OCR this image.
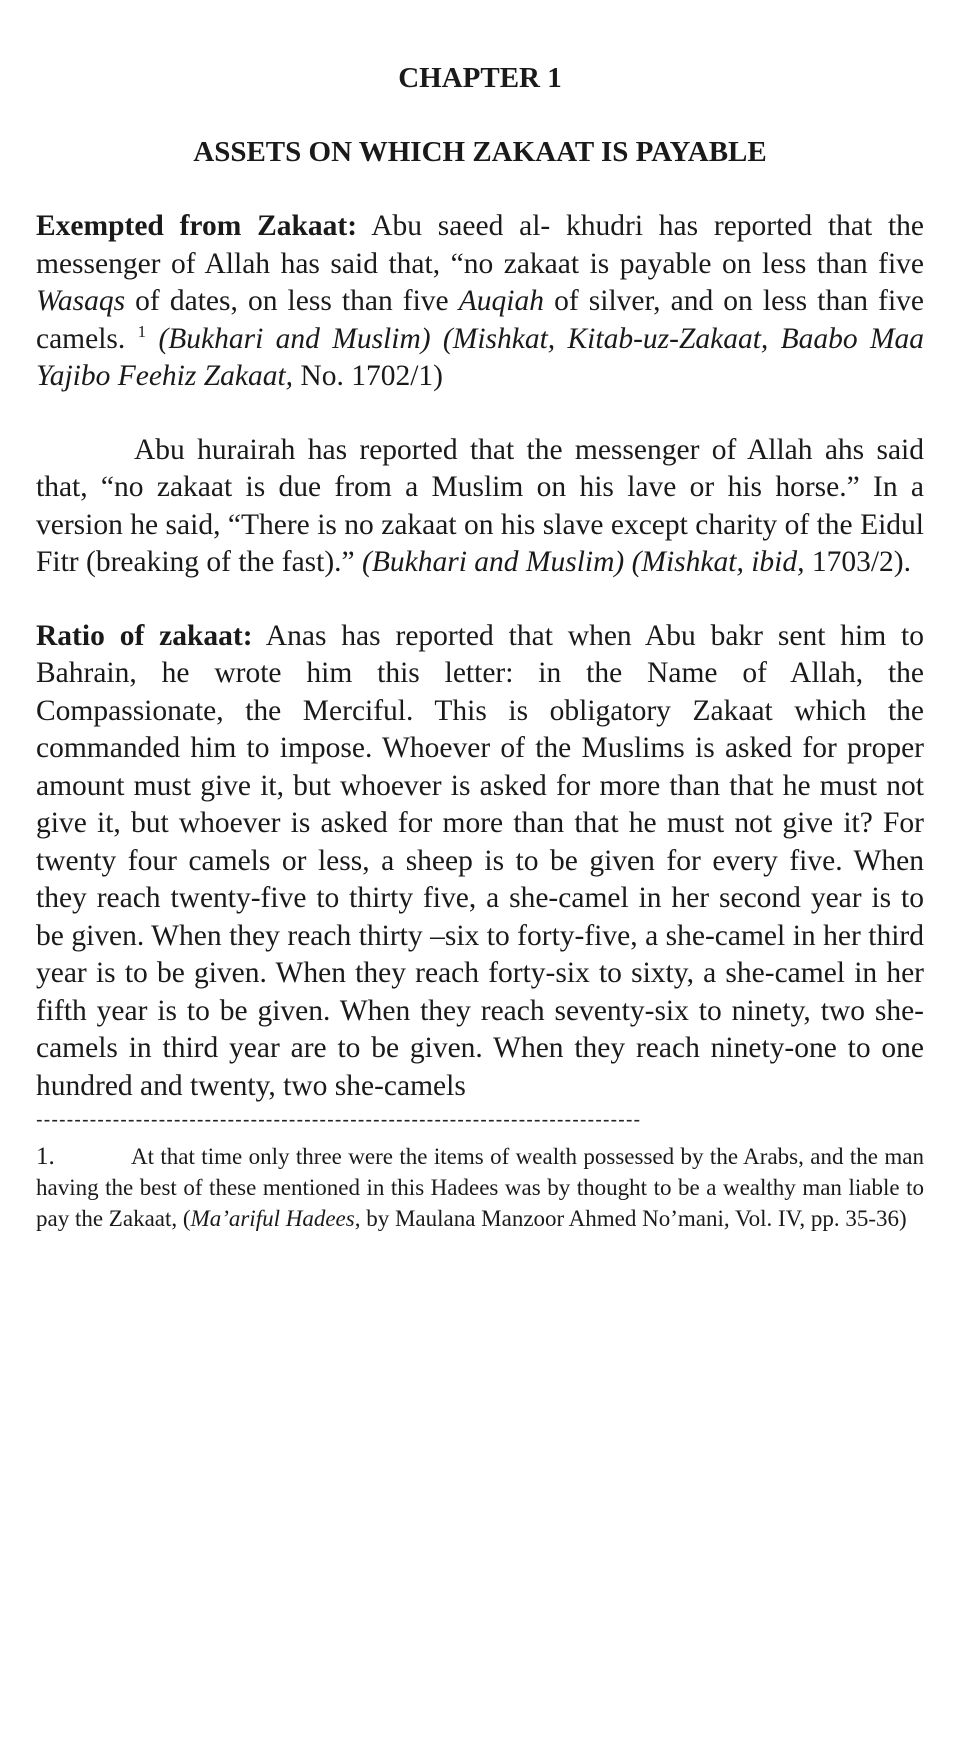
CHAPTER 1
ASSETS ON WHICH ZAKAAT IS PAYABLE

Exempted from Zakaat: Abu saeed al- khudri has reported that the messenger of Allah has said that, “no zakaat is payable on less than five Wasaqs of dates, on less than five Auqiah of silver, and on less than five camels. $^1$ (Bukhari and Muslim) (Mishkat, Kitab-uz-Zakaat, Baabo Maa Yajibo Feehiz Zakaat, No. 1702/1)

Abu hurairah has reported that the messenger of Allah ahs said that, “no zakaat is due from a Muslim on his lave or his horse.” In a version he said, “There is no zakaat on his slave except charity of the Eidul Fitr (breaking of the fast).” (Bukhari and Muslim) (Mishkat, ibid, 1703/2).

Ratio of zakaat: Anas has reported that when Abu bakr sent him to Bahrain, he wrote him this letter: in the Name of Allah, the Compassionate, the Merciful. This is obligatory Zakaat which the commanded him to impose. Whoever of the Muslims is asked for proper amount must give it, but whoever is asked for more than that he must not give it, but whoever is asked for more than that he must not give it? For twenty four camels or less, a sheep is to be given for every five. When they reach twenty-five to thirty five, a she-camel in her second year is to be given. When they reach thirty –six to forty-five, a she-camel in her third year is to be given. When they reach forty-six to sixty, a she-camel in her fifth year is to be given. When they reach seventy-six to ninety, two she-camels in third year are to be given. When they reach ninety-one to one hundred and twenty, two she-camels

-------------------------------------------------------------------------------

1.	At that time only three were the items of wealth possessed by the Arabs, and the man having the best of these mentioned in this Hadees was by thought to be a wealthy man liable to pay the Zakaat, (Ma’ariful Hadees, by Maulana Manzoor Ahmed No’mani, Vol. IV, pp. 35-36)
